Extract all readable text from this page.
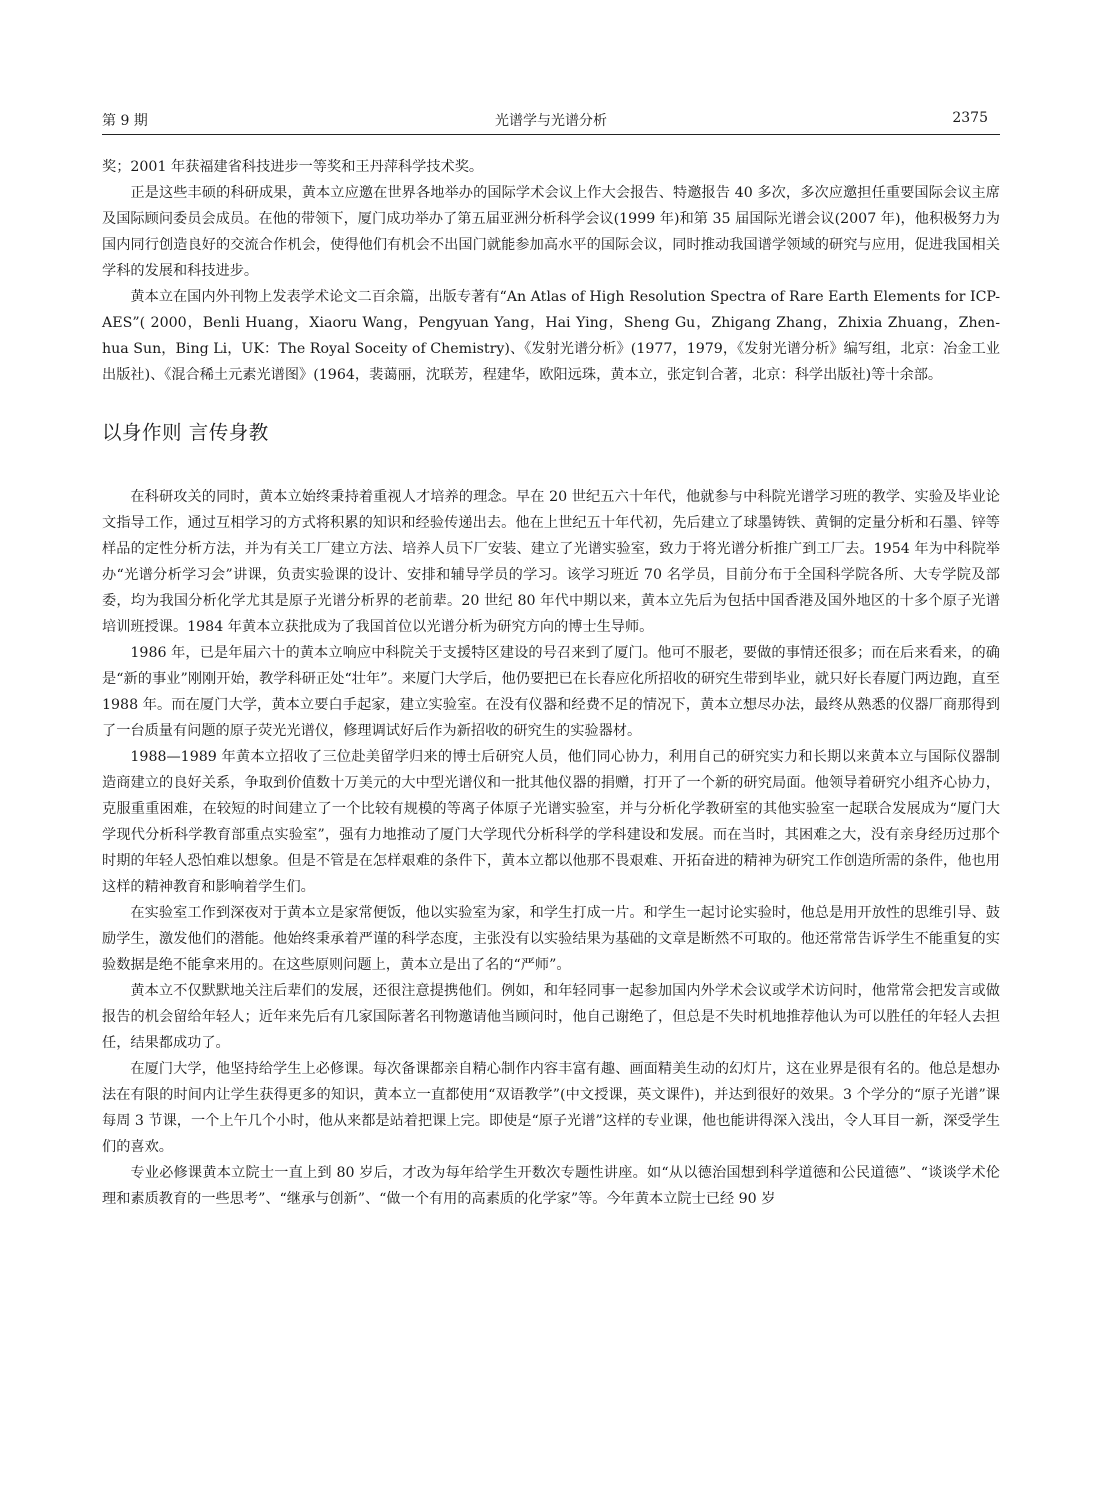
第 9 期	光谱学与光谱分析	2375

奖；2001 年获福建省科技进步一等奖和王丹萍科学技术奖。

正是这些丰硕的科研成果，黄本立应邀在世界各地举办的国际学术会议上作大会报告、特邀报告 40 多次，多次应邀担任重要国际会议主席及国际顾问委员会成员。在他的带领下，厦门成功举办了第五届亚洲分析科学会议(1999 年)和第 35 届国际光谱会议(2007 年)，他积极努力为国内同行创造良好的交流合作机会，使得他们有机会不出国门就能参加高水平的国际会议，同时推动我国谱学领域的研究与应用，促进我国相关学科的发展和科技进步。

黄本立在国内外刊物上发表学术论文二百余篇，出版专著有“An Atlas of High Resolution Spectra of Rare Earth Elements for ICP-AES”( 2000，Benli Huang，Xiaoru Wang，Pengyuan Yang，Hai Ying，Sheng Gu，Zhigang Zhang，Zhixia Zhuang，Zhen-hua Sun，Bing Li，UK：The Royal Soceity of Chemistry)、《发射光谱分析》(1977，1979，《发射光谱分析》编写组，北京：冶金工业出版社)、《混合稀土元素光谱图》(1964，裴蔼丽，沈联芳，程建华，欧阳远珠，黄本立，张定钊合著，北京：科学出版社)等十余部。

以身作则 言传身教

在科研攻关的同时，黄本立始终秉持着重视人才培养的理念。早在 20 世纪五六十年代，他就参与中科院光谱学习班的教学、实验及毕业论文指导工作，通过互相学习的方式将积累的知识和经验传递出去。他在上世纪五十年代初，先后建立了球墨铸铁、黄铜的定量分析和石墨、锌等样品的定性分析方法，并为有关工厂建立方法、培养人员下厂安装、建立了光谱实验室，致力于将光谱分析推广到工厂去。1954 年为中科院举办“光谱分析学习会”讲课，负责实验课的设计、安排和辅导学员的学习。该学习班近 70 名学员，目前分布于全国科学院各所、大专学院及部委，均为我国分析化学尤其是原子光谱分析界的老前辈。20 世纪 80 年代中期以来，黄本立先后为包括中国香港及国外地区的十多个原子光谱培训班授课。1984 年黄本立获批成为了我国首位以光谱分析为研究方向的博士生导师。

1986 年，已是年届六十的黄本立响应中科院关于支援特区建设的号召来到了厦门。他可不服老，要做的事情还很多；而在后来看来，的确是“新的事业”刚刚开始，教学科研正处“壮年”。来厦门大学后，他仍要把已在长春应化所招收的研究生带到毕业，就只好长春厦门两边跑，直至 1988 年。而在厦门大学，黄本立要白手起家，建立实验室。在没有仪器和经费不足的情况下，黄本立想尽办法，最终从熟悉的仪器厂商那得到了一台质量有问题的原子荧光光谱仪，修理调试好后作为新招收的研究生的实验器材。

1988—1989 年黄本立招收了三位赴美留学归来的博士后研究人员，他们同心协力，利用自己的研究实力和长期以来黄本立与国际仪器制造商建立的良好关系，争取到价值数十万美元的大中型光谱仪和一批其他仪器的捐赠，打开了一个新的研究局面。他领导着研究小组齐心协力，克服重重困难，在较短的时间建立了一个比较有规模的等离子体原子光谱实验室，并与分析化学教研室的其他实验室一起联合发展成为“厦门大学现代分析科学教育部重点实验室”，强有力地推动了厦门大学现代分析科学的学科建设和发展。而在当时，其困难之大，没有亲身经历过那个时期的年轻人恐怕难以想象。但是不管是在怎样艰难的条件下，黄本立都以他那不畏艰难、开拓奋进的精神为研究工作创造所需的条件，他也用这样的精神教育和影响着学生们。

在实验室工作到深夜对于黄本立是家常便饭，他以实验室为家，和学生打成一片。和学生一起讨论实验时，他总是用开放性的思维引导、鼓励学生，激发他们的潜能。他始终秉承着严谨的科学态度，主张没有以实验结果为基础的文章是断然不可取的。他还常常告诉学生不能重复的实验数据是绝不能拿来用的。在这些原则问题上，黄本立是出了名的“严师”。

黄本立不仅默默地关注后辈们的发展，还很注意提携他们。例如，和年轻同事一起参加国内外学术会议或学术访问时，他常常会把发言或做报告的机会留给年轻人；近年来先后有几家国际著名刊物邀请他当顾问时，他自己谢绝了，但总是不失时机地推荐他认为可以胜任的年轻人去担任，结果都成功了。

在厦门大学，他坚持给学生上必修课。每次备课都亲自精心制作内容丰富有趣、画面精美生动的幻灯片，这在业界是很有名的。他总是想办法在有限的时间内让学生获得更多的知识，黄本立一直都使用“双语教学”(中文授课，英文课件)，并达到很好的效果。3 个学分的“原子光谱”课每周 3 节课，一个上午几个小时，他从来都是站着把课上完。即使是“原子光谱”这样的专业课，他也能讲得深入浅出，令人耳目一新，深受学生们的喜欢。

专业必修课黄本立院士一直上到 80 岁后，才改为每年给学生开数次专题性讲座。如“从以德治国想到科学道德和公民道德”、“谈谈学术伦理和素质教育的一些思考”、“继承与创新”、“做一个有用的高素质的化学家”等。今年黄本立院士已经 90 岁
